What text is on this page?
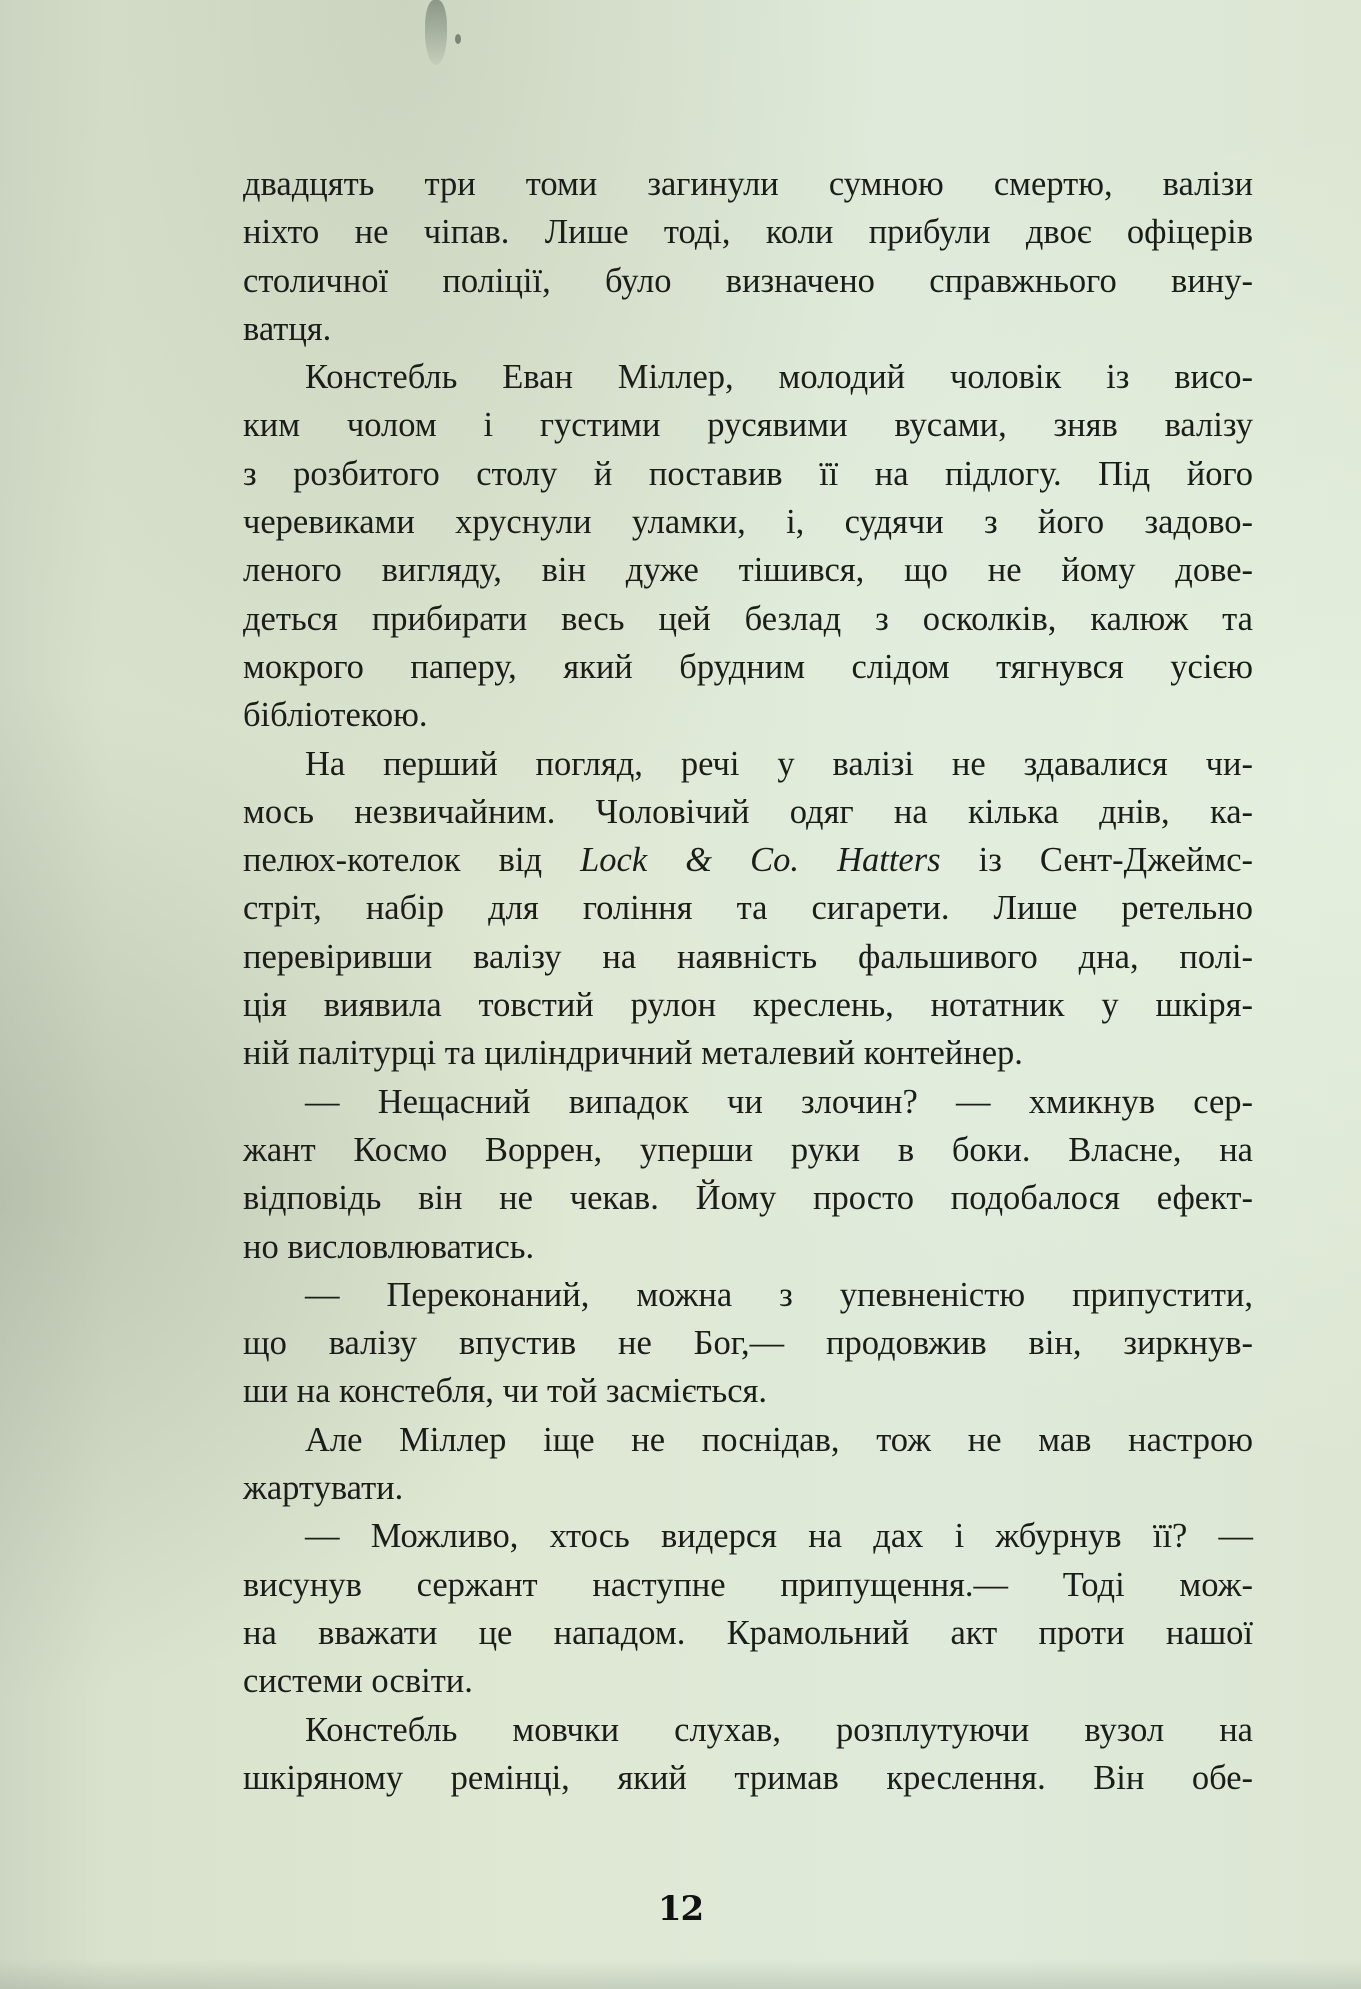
двадцять три томи загинули сумною смертю, валізи
ніхто не чіпав. Лише тоді, коли прибули двоє офіцерів
столичної поліції, було визначено справжнього вину-
ватця.
Констебль Еван Міллер, молодий чоловік із висо-
ким чолом і густими русявими вусами, зняв валізу
з розбитого столу й поставив її на підлогу. Під його
черевиками хруснули уламки, і, судячи з його задово-
леного вигляду, він дуже тішився, що не йому дове-
деться прибирати весь цей безлад з осколків, калюж та
мокрого паперу, який брудним слідом тягнувся усією
бібліотекою.
На перший погляд, речі у валізі не здавалися чи-
мось незвичайним. Чоловічий одяг на кілька днів, ка-
пелюх-котелок від Lock & Co. Hatters із Сент-Джеймс-
стріт, набір для гоління та сигарети. Лише ретельно
перевіривши валізу на наявність фальшивого дна, полі-
ція виявила товстий рулон креслень, нотатник у шкіря-
ній палітурці та циліндричний металевий контейнер.
— Нещасний випадок чи злочин? — хмикнув сер-
жант Космо Воррен, уперши руки в боки. Власне, на
відповідь він не чекав. Йому просто подобалося ефект-
но висловлюватись.
— Переконаний, можна з упевненістю припустити,
що валізу впустив не Бог,— продовжив він, зиркнув-
ши на констебля, чи той засміється.
Але Міллер іще не поснідав, тож не мав настрою
жартувати.
— Можливо, хтось видерся на дах і жбурнув її? —
висунув сержант наступне припущення.— Тоді мож-
на вважати це нападом. Крамольний акт проти нашої
системи освіти.
Констебль мовчки слухав, розплутуючи вузол на
шкіряному ремінці, який тримав креслення. Він обе-
12
